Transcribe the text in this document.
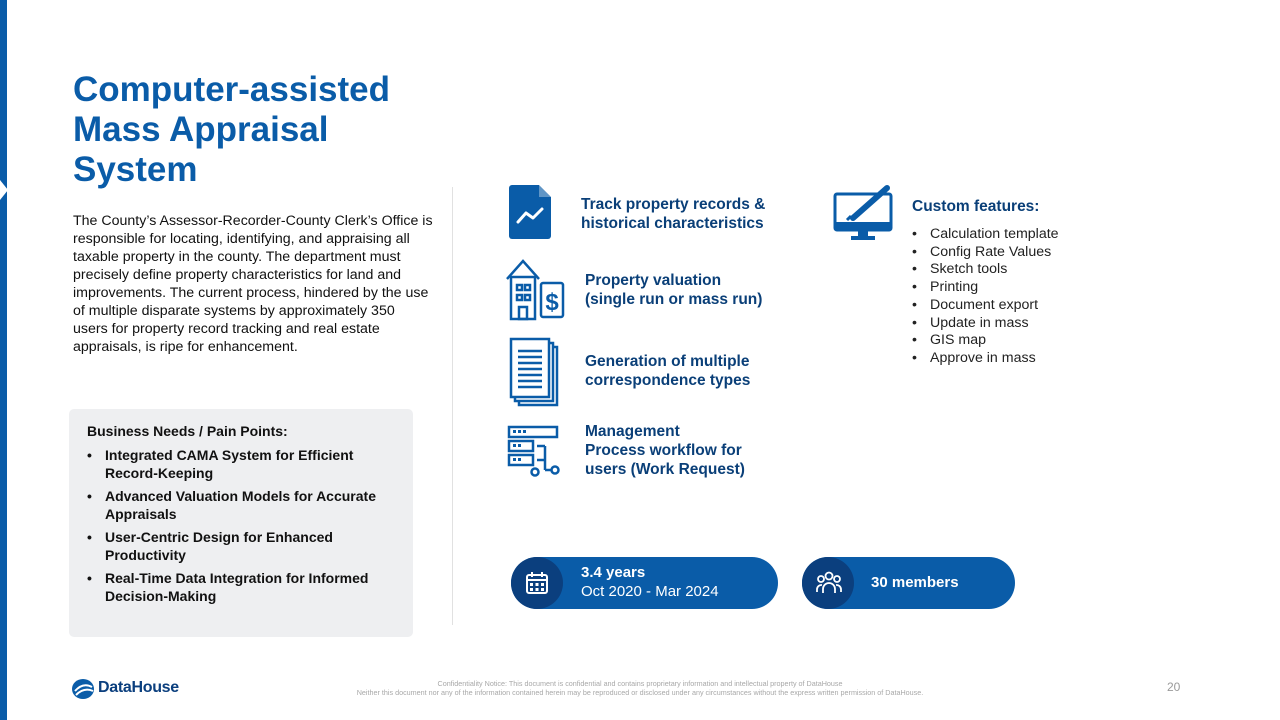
Computer-assisted
Mass Appraisal
System

The County’s Assessor-Recorder-County Clerk’s Office is responsible for locating, identifying, and appraising all taxable property in the county. The department must precisely define property characteristics for land and improvements. The current process, hindered by the use of multiple disparate systems by approximately 350 users for property record tracking and real estate appraisals, is ripe for enhancement.

Business Needs / Pain Points:
• Integrated CAMA System for Efficient Record-Keeping
• Advanced Valuation Models for Accurate Appraisals
• User-Centric Design for Enhanced Productivity
• Real-Time Data Integration for Informed Decision-Making
Track property records &
historical characteristics
$
Property valuation
(single run or mass run)
Generation of multiple
correspondence types
Management
Process workflow for
users (Work Request)
Custom features:
• Calculation template
• Config Rate Values
• Sketch tools
• Printing
• Document export
• Update in mass
• GIS map
• Approve in mass
3.4 years
Oct 2020 - Mar 2024
30 members
DataHouse	Confidentiality Notice: This document is confidential and contains proprietary information and intellectual property of DataHouse
Neither this document nor any of the information contained herein may be reproduced or disclosed under any circumstances without the express written permission of DataHouse.	20
